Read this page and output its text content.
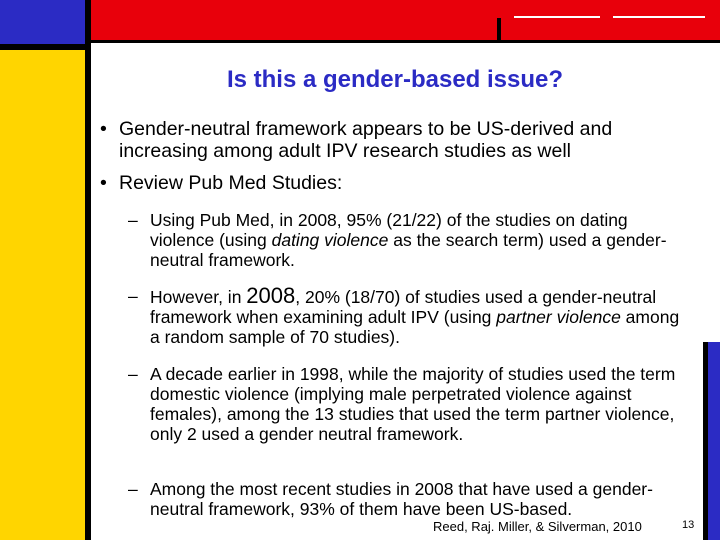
Is this a gender-based issue?
• Gender-neutral framework appears to be US-derived and increasing among adult IPV research studies as well
• Review Pub Med Studies:
– Using Pub Med, in 2008, 95% (21/22) of the studies on dating violence (using dating violence as the search term) used a gender-neutral framework.
– However, in 2008, 20% (18/70) of studies used a gender-neutral framework when examining adult IPV (using partner violence among a random sample of 70 studies).
– A decade earlier in 1998, while the majority of studies used the term domestic violence (implying male perpetrated violence against females), among the 13 studies that used the term partner violence, only 2 used a gender neutral framework.
– Among the most recent studies in 2008 that have used a gender-neutral framework, 93% of them have been US-based.
Reed, Raj. Miller, & Silverman, 2010	13
